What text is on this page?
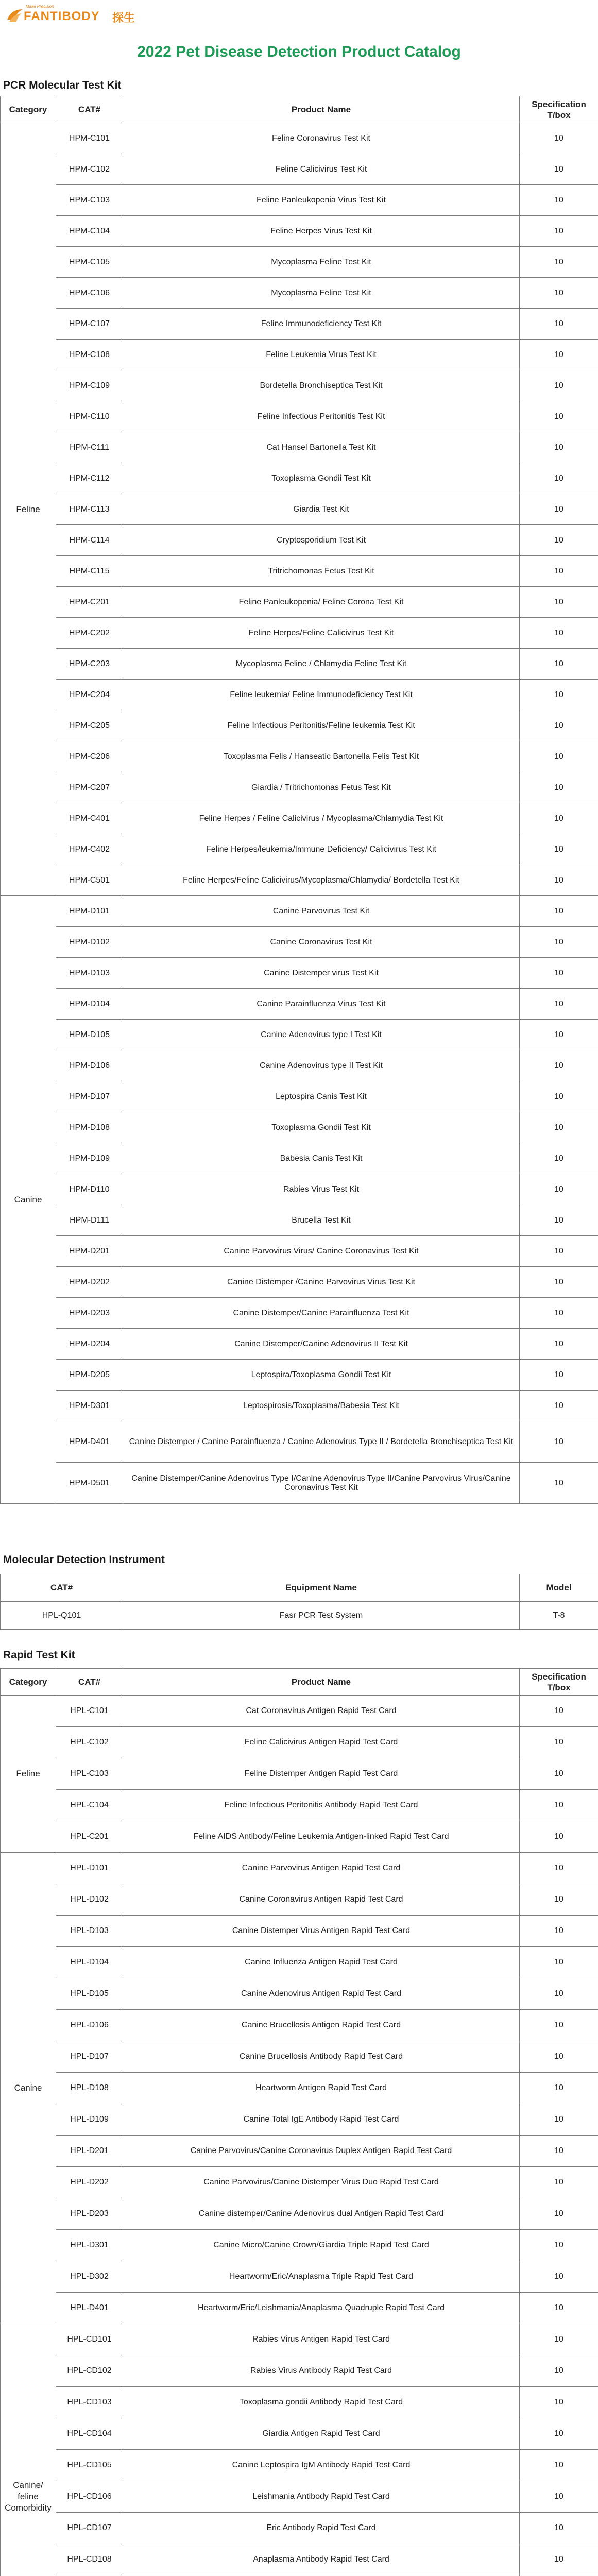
Make Precision
FANTIBODY 探生
2022 Pet Disease Detection Product Catalog
PCR Molecular Test Kit
Category	CAT#	Product Name	Specification
T/box
Feline	HPM-C101	Feline Coronavirus Test Kit	10
	HPM-C102	Feline Calicivirus Test Kit	10
	HPM-C103	Feline Panleukopenia Virus Test Kit	10
	HPM-C104	Feline Herpes Virus Test Kit	10
	HPM-C105	Mycoplasma Feline Test Kit	10
	HPM-C106	Mycoplasma Feline Test Kit	10
	HPM-C107	Feline Immunodeficiency Test Kit	10
	HPM-C108	Feline Leukemia Virus Test Kit	10
	HPM-C109	Bordetella Bronchiseptica Test Kit	10
	HPM-C110	Feline Infectious Peritonitis Test Kit	10
	HPM-C111	Cat Hansel Bartonella Test Kit	10
	HPM-C112	Toxoplasma Gondii Test Kit	10
	HPM-C113	Giardia Test Kit	10
	HPM-C114	Cryptosporidium Test Kit	10
	HPM-C115	Tritrichomonas Fetus Test Kit	10
	HPM-C201	Feline Panleukopenia/ Feline Corona Test Kit	10
	HPM-C202	Feline Herpes/Feline Calicivirus Test Kit	10
	HPM-C203	Mycoplasma Feline / Chlamydia Feline Test Kit	10
	HPM-C204	Feline leukemia/ Feline Immunodeficiency Test Kit	10
	HPM-C205	Feline Infectious Peritonitis/Feline leukemia Test Kit	10
	HPM-C206	Toxoplasma Felis / Hanseatic Bartonella Felis Test Kit	10
	HPM-C207	Giardia / Tritrichomonas Fetus Test Kit	10
	HPM-C401	Feline Herpes / Feline Calicivirus / Mycoplasma/Chlamydia Test Kit	10
	HPM-C402	Feline Herpes/leukemia/Immune Deficiency/ Calicivirus Test Kit	10
	HPM-C501	Feline Herpes/Feline Calicivirus/Mycoplasma/Chlamydia/ Bordetella Test Kit	10
Canine	HPM-D101	Canine Parvovirus Test Kit	10
	HPM-D102	Canine Coronavirus Test Kit	10
	HPM-D103	Canine Distemper virus Test Kit	10
	HPM-D104	Canine Parainfluenza Virus Test Kit	10
	HPM-D105	Canine Adenovirus type I Test Kit	10
	HPM-D106	Canine Adenovirus type II Test Kit	10
	HPM-D107	Leptospira Canis Test Kit	10
	HPM-D108	Toxoplasma Gondii Test Kit	10
	HPM-D109	Babesia Canis Test Kit	10
	HPM-D110	Rabies Virus Test Kit	10
	HPM-D111	Brucella Test Kit	10
	HPM-D201	Canine Parvovirus Virus/ Canine Coronavirus Test Kit	10
	HPM-D202	Canine Distemper /Canine Parvovirus Virus Test Kit	10
	HPM-D203	Canine Distemper/Canine Parainfluenza Test Kit	10
	HPM-D204	Canine Distemper/Canine Adenovirus II Test Kit	10
	HPM-D205	Leptospira/Toxoplasma Gondii Test Kit	10
	HPM-D301	Leptospirosis/Toxoplasma/Babesia Test Kit	10
	HPM-D401	Canine Distemper / Canine Parainfluenza / Canine Adenovirus Type II / Bordetella Bronchiseptica Test Kit	10
	HPM-D501	Canine Distemper/Canine Adenovirus Type I/Canine Adenovirus Type II/Canine Parvovirus Virus/Canine Coronavirus Test Kit	10
Molecular Detection Instrument
CAT#	Equipment Name	Model
HPL-Q101	Fasr PCR Test System	T-8
Rapid Test Kit
Category	CAT#	Product Name	Specification
T/box
Feline	HPL-C101	Cat Coronavirus Antigen Rapid Test Card	10
	HPL-C102	Feline Calicivirus Antigen Rapid Test Card	10
	HPL-C103	Feline Distemper Antigen Rapid Test Card	10
	HPL-C104	Feline Infectious Peritonitis Antibody Rapid Test Card	10
	HPL-C201	Feline AIDS Antibody/Feline Leukemia Antigen-linked Rapid Test Card	10
Canine	HPL-D101	Canine Parvovirus Antigen Rapid Test Card	10
	HPL-D102	Canine Coronavirus Antigen Rapid Test Card	10
	HPL-D103	Canine Distemper Virus Antigen Rapid Test Card	10
	HPL-D104	Canine Influenza Antigen Rapid Test Card	10
	HPL-D105	Canine Adenovirus Antigen Rapid Test Card	10
	HPL-D106	Canine Brucellosis Antigen Rapid Test Card	10
	HPL-D107	Canine Brucellosis Antibody Rapid Test Card	10
	HPL-D108	Heartworm Antigen Rapid Test Card	10
	HPL-D109	Canine Total IgE Antibody Rapid Test Card	10
	HPL-D201	Canine Parvovirus/Canine Coronavirus Duplex Antigen Rapid Test Card	10
	HPL-D202	Canine Parvovirus/Canine Distemper Virus Duo Rapid Test Card	10
	HPL-D203	Canine distemper/Canine Adenovirus dual Antigen Rapid Test Card	10
	HPL-D301	Canine Micro/Canine Crown/Giardia Triple Rapid Test Card	10
	HPL-D302	Heartworm/Eric/Anaplasma Triple Rapid Test Card	10
	HPL-D401	Heartworm/Eric/Leishmania/Anaplasma Quadruple Rapid Test Card	10
Canine/
feline
Comorbidity	HPL-CD101	Rabies Virus Antigen Rapid Test Card	10
	HPL-CD102	Rabies Virus Antibody Rapid Test Card	10
	HPL-CD103	Toxoplasma gondii Antibody Rapid Test Card	10
	HPL-CD104	Giardia Antigen Rapid Test Card	10
	HPL-CD105	Canine Leptospira IgM Antibody Rapid Test Card	10
	HPL-CD106	Leishmania Antibody Rapid Test Card	10
	HPL-CD107	Eric Antibody Rapid Test Card	10
	HPL-CD108	Anaplasma Antibody Rapid Test Card	10
